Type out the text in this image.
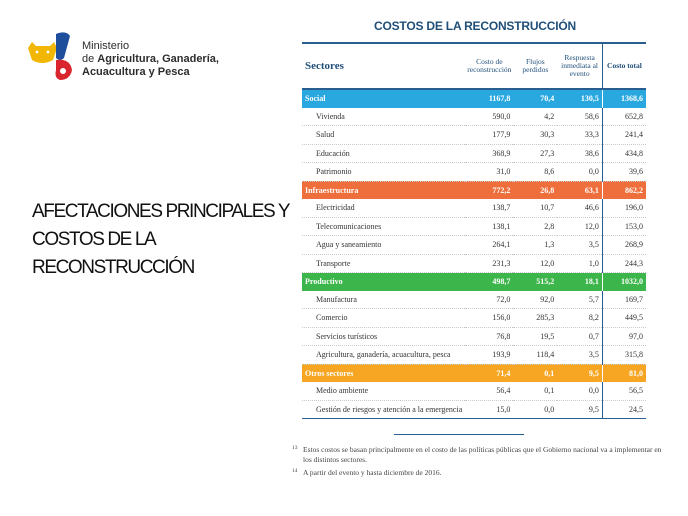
Ministerio
de Agricultura, Ganadería,
Acuacultura y Pesca
AFECTACIONES PRINCIPALES Y
COSTOS DE LA
RECONSTRUCCIÓN
COSTOS DE LA RECONSTRUCCIÓN
Sectores	Costo de reconstrucción	Flujos perdidos	Respuesta inmediata al evento	Costo total
Social	1167,8	70,4	130,5	1368,6
Vivienda	590,0	4,2	58,6	652,8
Salud	177,9	30,3	33,3	241,4
Educación	368,9	27,3	38,6	434,8
Patrimonio	31,0	8,6	0,0	39,6
Infraestructura	772,2	26,8	63,1	862,2
Electricidad	138,7	10,7	46,6	196,0
Telecomunicaciones	138,1	2,8	12,0	153,0
Agua y saneamiento	264,1	1,3	3,5	268,9
Transporte	231,3	12,0	1,0	244,3
Productivo	498,7	515,2	18,1	1032,0
Manufactura	72,0	92,0	5,7	169,7
Comercio	156,0	285,3	8,2	449,5
Servicios turísticos	76,8	19,5	0,7	97,0
Agricultura, ganadería, acuacultura, pesca	193,9	118,4	3,5	315,8
Otros sectores	71,4	0,1	9,5	81,0
Medio ambiente	56,4	0,1	0,0	56,5
Gestión de riesgos y atención a la emergencia	15,0	0,0	9,5	24,5
13 Estos costos se basan principalmente en el costo de las políticas públicas que el Gobierno nacional va a implementar en los distintos sectores.
14 A partir del evento y hasta diciembre de 2016.
